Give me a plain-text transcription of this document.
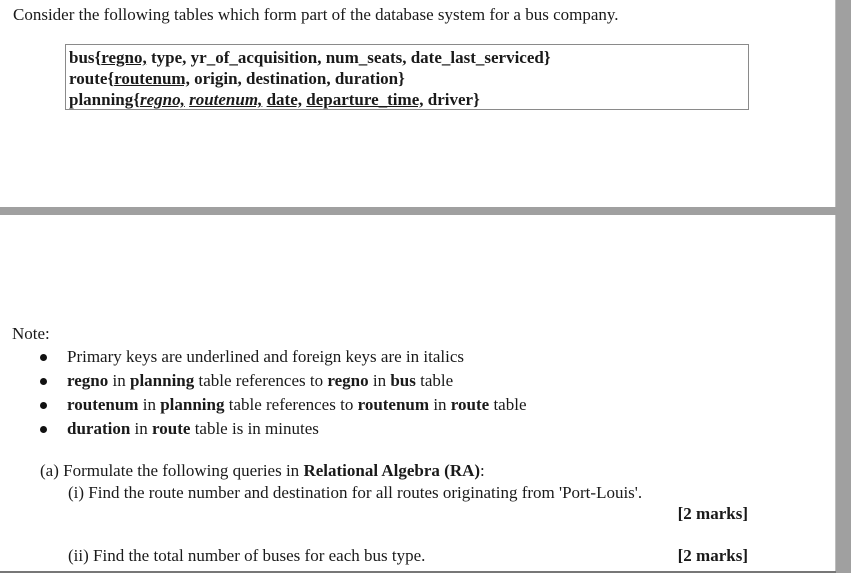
Consider the following tables which form part of the database system for a bus company.
bus{regno, type, yr_of_acquisition, num_seats, date_last_serviced}
route{routenum, origin, destination, duration}
planning{regno, routenum, date, departure_time, driver}
Note:
Primary keys are underlined and foreign keys are in italics
regno in planning table references to regno in bus table
routenum in planning table references to routenum in route table
duration in route table is in minutes
(a) Formulate the following queries in Relational Algebra (RA):
(i) Find the route number and destination for all routes originating from 'Port-Louis'.
[2 marks]
(ii) Find the total number of buses for each bus type.	[2 marks]
